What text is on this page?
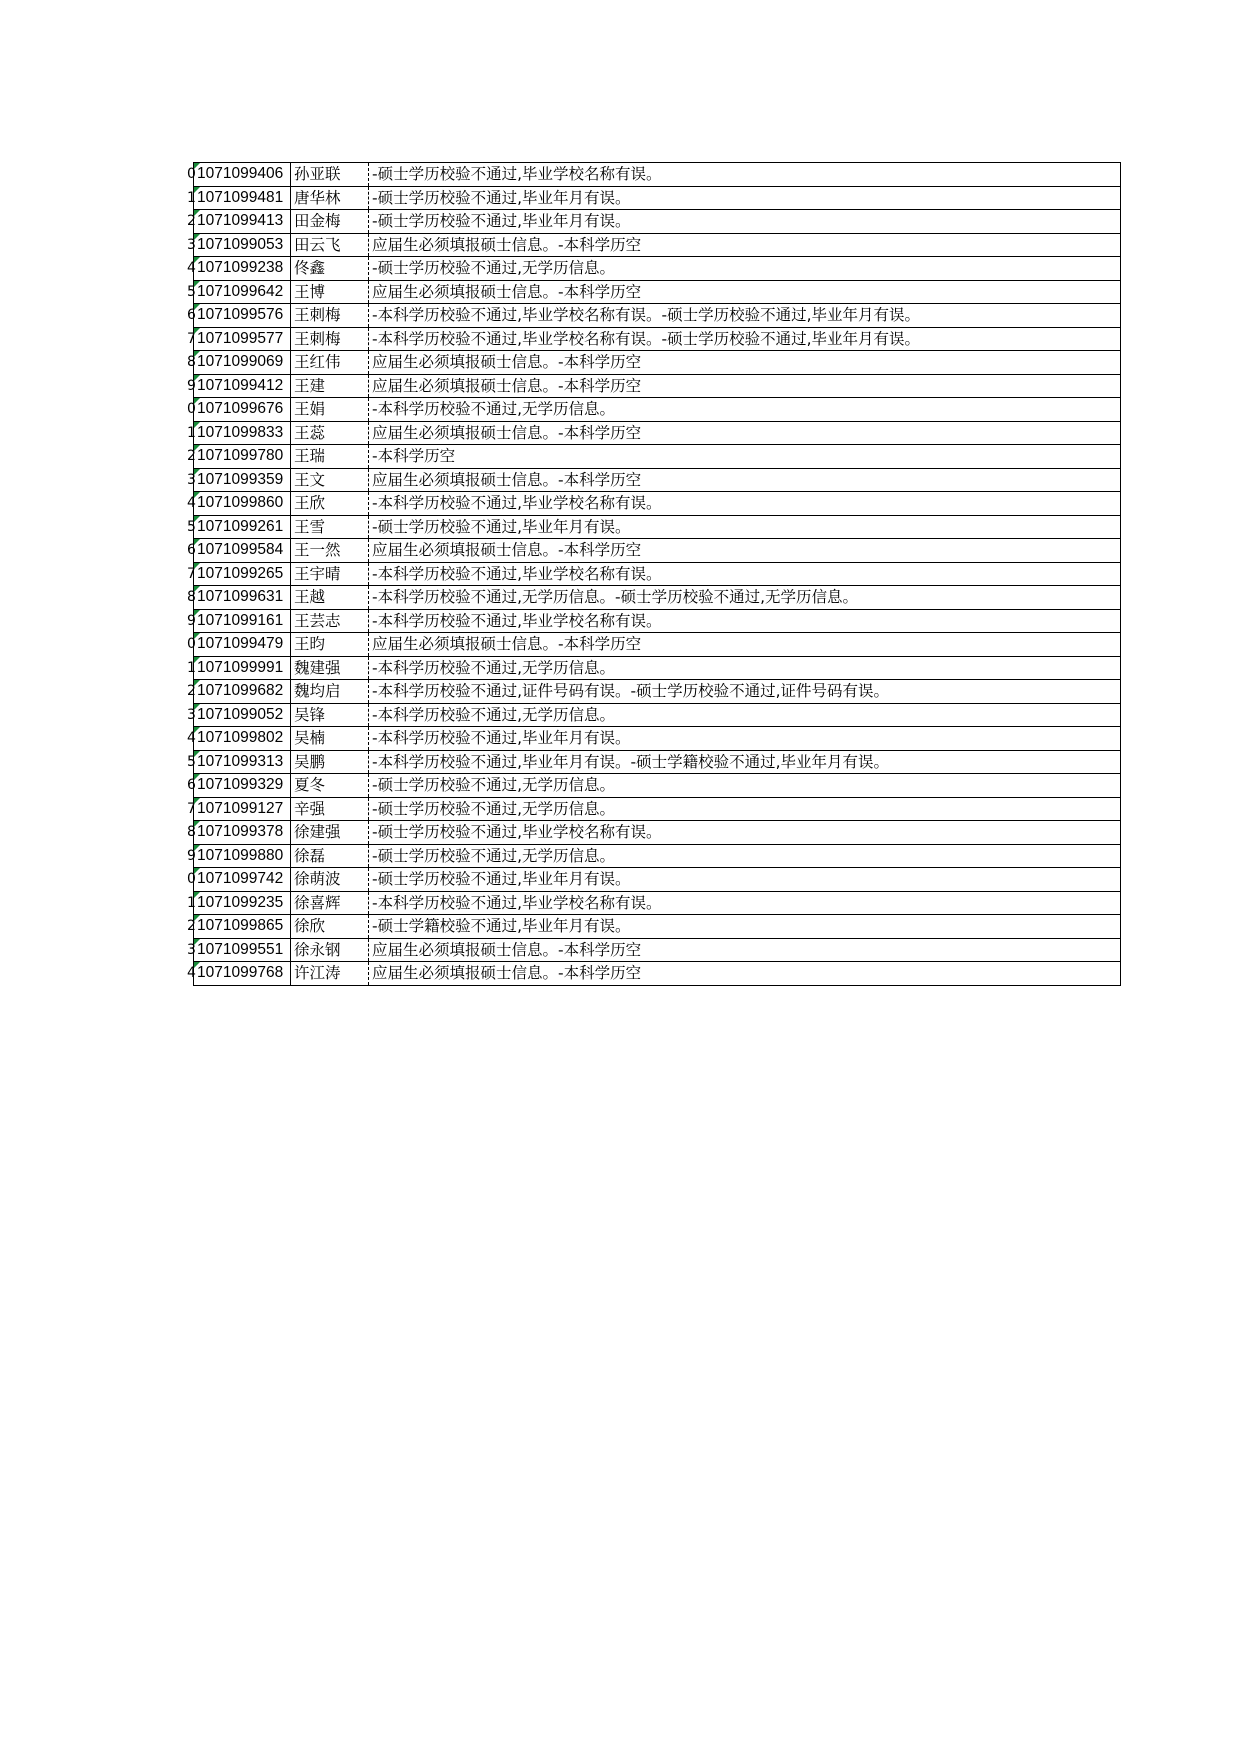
0	1071099406	孙亚联	-硕士学历校验不通过,毕业学校名称有误。
1	1071099481	唐华林	-硕士学历校验不通过,毕业年月有误。
2	1071099413	田金梅	-硕士学历校验不通过,毕业年月有误。
3	1071099053	田云飞	应届生必须填报硕士信息。-本科学历空
4	1071099238	佟鑫	-硕士学历校验不通过,无学历信息。
5	1071099642	王博	应届生必须填报硕士信息。-本科学历空
6	1071099576	王刺梅	-本科学历校验不通过,毕业学校名称有误。-硕士学历校验不通过,毕业年月有误。
7	1071099577	王刺梅	-本科学历校验不通过,毕业学校名称有误。-硕士学历校验不通过,毕业年月有误。
8	1071099069	王红伟	应届生必须填报硕士信息。-本科学历空
9	1071099412	王建	应届生必须填报硕士信息。-本科学历空
0	1071099676	王娟	-本科学历校验不通过,无学历信息。
1	1071099833	王蕊	应届生必须填报硕士信息。-本科学历空
2	1071099780	王瑞	-本科学历空
3	1071099359	王文	应届生必须填报硕士信息。-本科学历空
4	1071099860	王欣	-本科学历校验不通过,毕业学校名称有误。
5	1071099261	王雪	-硕士学历校验不通过,毕业年月有误。
6	1071099584	王一然	应届生必须填报硕士信息。-本科学历空
7	1071099265	王宇晴	-本科学历校验不通过,毕业学校名称有误。
8	1071099631	王越	-本科学历校验不通过,无学历信息。-硕士学历校验不通过,无学历信息。
9	1071099161	王芸志	-本科学历校验不通过,毕业学校名称有误。
0	1071099479	王昀	应届生必须填报硕士信息。-本科学历空
1	1071099991	魏建强	-本科学历校验不通过,无学历信息。
2	1071099682	魏均启	-本科学历校验不通过,证件号码有误。-硕士学历校验不通过,证件号码有误。
3	1071099052	吴锋	-本科学历校验不通过,无学历信息。
4	1071099802	吴楠	-本科学历校验不通过,毕业年月有误。
5	1071099313	吴鹏	-本科学历校验不通过,毕业年月有误。-硕士学籍校验不通过,毕业年月有误。
6	1071099329	夏冬	-硕士学历校验不通过,无学历信息。
7	1071099127	辛强	-硕士学历校验不通过,无学历信息。
8	1071099378	徐建强	-硕士学历校验不通过,毕业学校名称有误。
9	1071099880	徐磊	-硕士学历校验不通过,无学历信息。
0	1071099742	徐萌波	-硕士学历校验不通过,毕业年月有误。
1	1071099235	徐喜辉	-本科学历校验不通过,毕业学校名称有误。
2	1071099865	徐欣	-硕士学籍校验不通过,毕业年月有误。
3	1071099551	徐永钢	应届生必须填报硕士信息。-本科学历空
4	1071099768	许江涛	应届生必须填报硕士信息。-本科学历空
